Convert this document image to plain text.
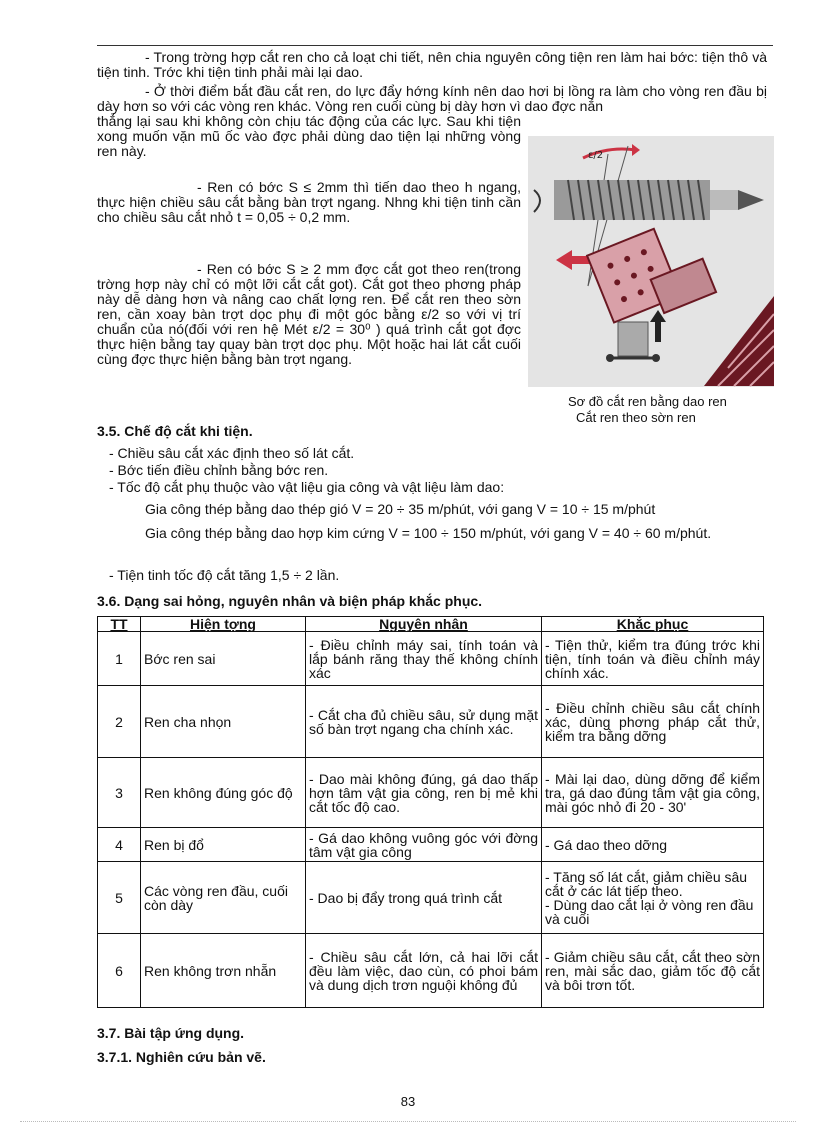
- Trong trờng hợp cắt ren cho cả loạt chi tiết, nên chia nguyên công tiện ren làm hai bớc: tiện thô và tiện tinh. Trớc khi tiện tinh phải mài lại dao.

- Ở thời điểm bắt đầu cắt ren, do lực đẩy hớng kính nên dao hơi bị lồng ra làm cho vòng ren đầu bị dày hơn so với các vòng ren khác. Vòng ren cuối cùng bị dày hơn vì dao đợc nắn

thẳng lại sau khi không còn chịu tác động của các lực. Sau khi tiện xong muốn vặn mũ ốc vào đợc phải dùng dao tiện lại những vòng ren này.

- Ren có bớc S ≤ 2mm thì tiến dao theo h ngang, thực hiện chiều sâu cắt bằng bàn trợt ngang. Nhng khi tiện tinh cần cho chiều sâu cắt nhỏ t = 0,05 ÷ 0,2 mm.

- Ren có bớc S ≥ 2 mm đợc cắt got theo ren(trong trờng hợp này chỉ có một lỡi cắt cắt got). Cắt got theo phơng pháp này dễ dàng hơn và nâng cao chất lợng ren. Để cắt ren theo sờn ren, cần xoay bàn trợt dọc phụ đi một góc bằng ε/2 so với vị trí chuẩn của nó(đối với ren hệ Mét ε/2 = 30⁰ ) quá trình cắt got đợc thực hiện bằng tay quay bàn trợt dọc phụ. Một hoặc hai lát cắt cuối cùng đợc thực hiện bằng bàn trợt ngang.

ε/2

Sơ đồ cắt ren bằng dao ren

Cắt ren theo sờn ren

3.5. Chế độ cắt khi tiện.

- Chiều sâu cắt xác định theo số lát cắt.

- Bớc tiến điều chỉnh bằng bớc ren.

- Tốc độ cắt phụ thuộc vào vật liệu gia công và vật liệu làm dao:

Gia công thép bằng dao thép gió V = 20 ÷ 35 m/phút, với gang V = 10 ÷ 15 m/phút

Gia công thép bằng dao hợp kim cứng V = 100 ÷ 150 m/phút, với gang V = 40 ÷ 60 m/phút.

- Tiện tinh tốc độ cắt tăng 1,5 ÷ 2 lần.

3.6. Dạng sai hỏng, nguyên nhân và biện pháp khắc phục.

TT	Hiện tợng	Nguyên nhân	Khắc phục
1	Bớc ren sai	- Điều chỉnh máy sai, tính toán và lắp bánh răng thay thế không chính xác	- Tiện thử, kiểm tra đúng trớc khi tiện, tính toán và điều chỉnh máy chính xác.
2	Ren cha nhọn	- Cắt cha đủ chiều sâu, sử dụng mặt số bàn trợt ngang cha chính xác.	- Điều chỉnh chiều sâu cắt chính xác, dùng phơng pháp cắt thử, kiểm tra bằng dỡng
3	Ren không đúng góc độ	- Dao mài không đúng, gá dao thấp hơn tâm vật gia công, ren bị mẻ khi cắt tốc độ cao.	- Mài lại dao, dùng dỡng để kiểm tra, gá dao đúng tâm vật gia công, mài góc nhỏ đi 20 - 30'
4	Ren bị đổ	- Gá dao không vuông góc với đờng tâm vật gia công	- Gá dao theo dỡng
5	Các vòng ren đầu, cuối còn dày	- Dao bị đẩy trong quá trình cắt	- Tăng số lát cắt, giảm chiều sâu cắt ở các lát tiếp theo.
- Dùng dao cắt lại ở vòng ren đầu và cuối
6	Ren không trơn nhẵn	- Chiều sâu cắt lớn, cả hai lỡi cắt đều làm việc, dao cùn, có phoi bám và dung dịch trơn nguội không đủ	- Giảm chiều sâu cắt, cắt theo sờn ren, mài sắc dao, giảm tốc độ cắt và bôi trơn tốt.

3.7. Bài tập ứng dụng.

3.7.1. Nghiên cứu bản vẽ.

83
